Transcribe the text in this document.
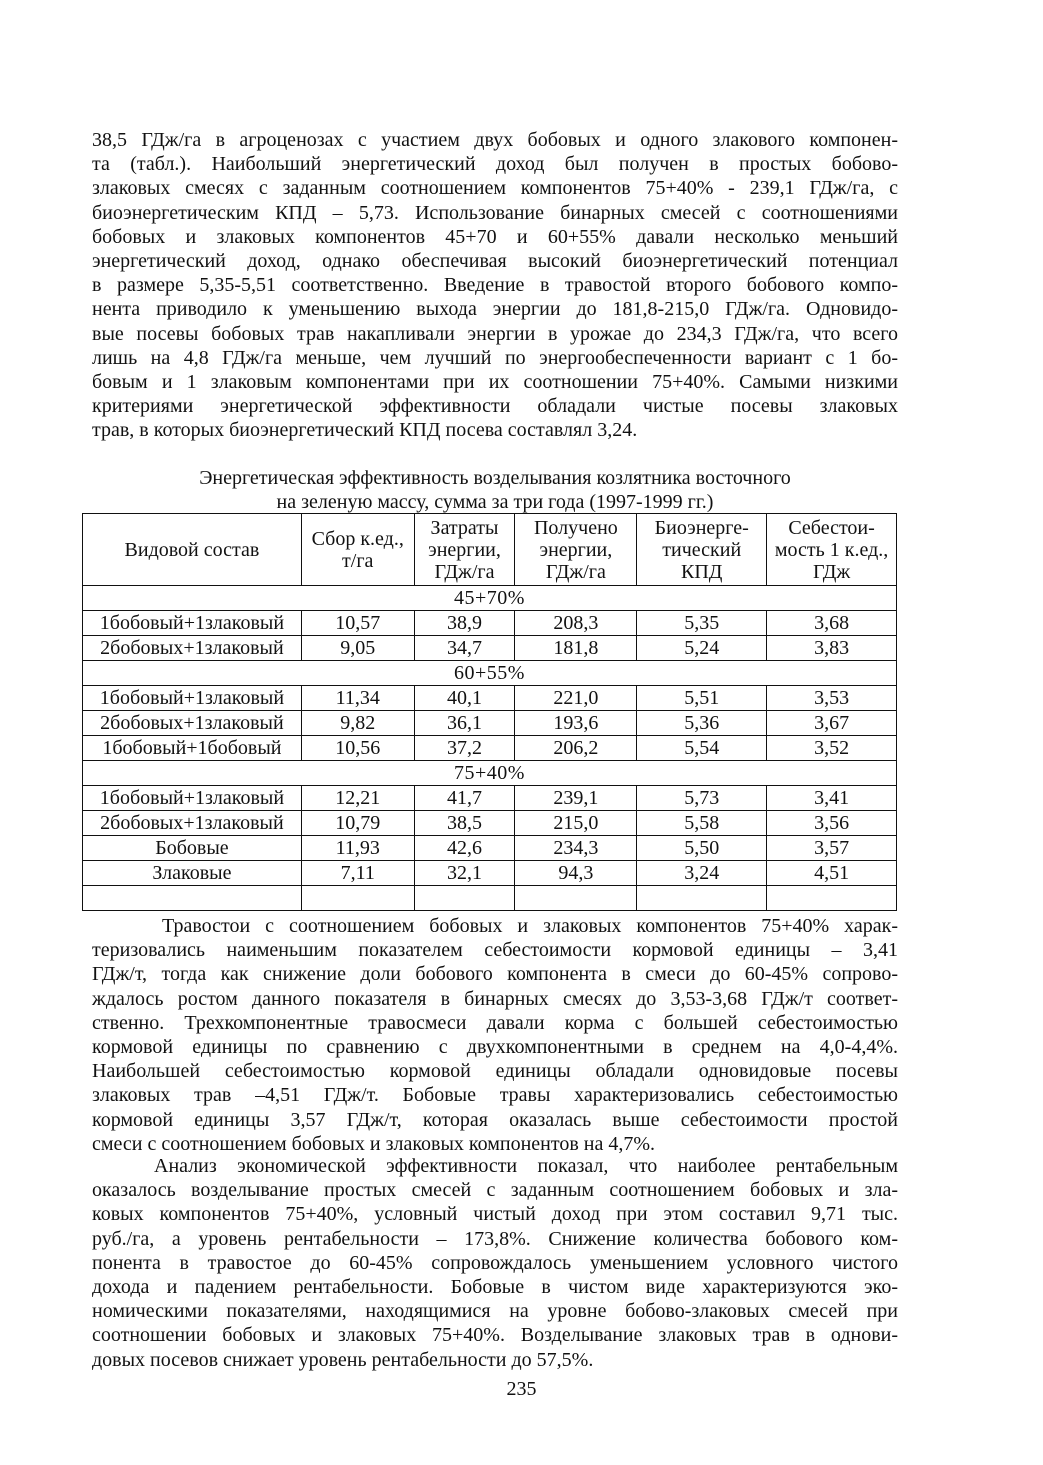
38,5 ГДж/га в агроценозах с участием двух бобовых и одного злакового компонен-
та (табл.). Наибольший энергетический доход был получен в простых бобово-
злаковых смесях с заданным соотношением компонентов 75+40% - 239,1 ГДж/га, с
биоэнергетическим КПД – 5,73. Использование бинарных смесей с соотношениями
бобовых и злаковых компонентов 45+70 и 60+55% давали несколько меньший
энергетический доход, однако обеспечивая высокий биоэнергетический потенциал
в размере 5,35-5,51 соответственно. Введение в травостой второго бобового компо-
нента приводило к уменьшению выхода энергии до 181,8-215,0 ГДж/га. Одновидо-
вые посевы бобовых трав накапливали энергии в урожае до 234,3 ГДж/га, что всего
лишь на 4,8 ГДж/га меньше, чем лучший по энергообеспеченности вариант с 1 бо-
бовым и 1 злаковым компонентами при их соотношении 75+40%. Самыми низкими
критериями энергетической эффективности обладали чистые посевы злаковых
трав, в которых биоэнергетический КПД посева составлял 3,24.
Энергетическая эффективность возделывания козлятника восточного
на зеленую массу, сумма за три года (1997-1999 гг.)
Видовой состав	Сбор к.ед., т/га	Затраты энергии, ГДж/га	Получено энергии, ГДж/га	Биоэнерге-тический КПД	Себестои-мость 1 к.ед., ГДж
45+70%					
1бобовый+1злаковый	10,57	38,9	208,3	5,35	3,68
2бобовых+1злаковый	9,05	34,7	181,8	5,24	3,83
60+55%					
1бобовый+1злаковый	11,34	40,1	221,0	5,51	3,53
2бобовых+1злаковый	9,82	36,1	193,6	5,36	3,67
1бобовый+1бобовый	10,56	37,2	206,2	5,54	3,52
75+40%					
1бобовый+1злаковый	12,21	41,7	239,1	5,73	3,41
2бобовых+1злаковый	10,79	38,5	215,0	5,58	3,56
Бобовые	11,93	42,6	234,3	5,50	3,57
Злаковые	7,11	32,1	94,3	3,24	4,51

Травостои с соотношением бобовых и злаковых компонентов 75+40% харак-
теризовались наименьшим показателем себестоимости кормовой единицы – 3,41
ГДж/т, тогда как снижение доли бобового компонента в смеси до 60-45% сопрово-
ждалось ростом данного показателя в бинарных смесях до 3,53-3,68 ГДж/т соответ-
ственно. Трехкомпонентные травосмеси давали корма с большей себестоимостью
кормовой единицы по сравнению с двухкомпонентными в среднем на 4,0-4,4%.
Наибольшей себестоимостью кормовой единицы обладали одновидовые посевы
злаковых трав –4,51 ГДж/т. Бобовые травы характеризовались себестоимостью
кормовой единицы 3,57 ГДж/т, которая оказалась выше себестоимости простой
смеси с соотношением бобовых и злаковых компонентов на 4,7%.
Анализ экономической эффективности показал, что наиболее рентабельным
оказалось возделывание простых смесей с заданным соотношением бобовых и зла-
ковых компонентов 75+40%, условный чистый доход при этом составил 9,71 тыс.
руб./га, а уровень рентабельности – 173,8%. Снижение количества бобового ком-
понента в травостое до 60-45% сопровождалось уменьшением условного чистого
дохода и падением рентабельности. Бобовые в чистом виде характеризуются эко-
номическими показателями, находящимися на уровне бобово-злаковых смесей при
соотношении бобовых и злаковых 75+40%. Возделывание злаковых трав в однови-
довых посевов снижает уровень рентабельности до 57,5%.
235
